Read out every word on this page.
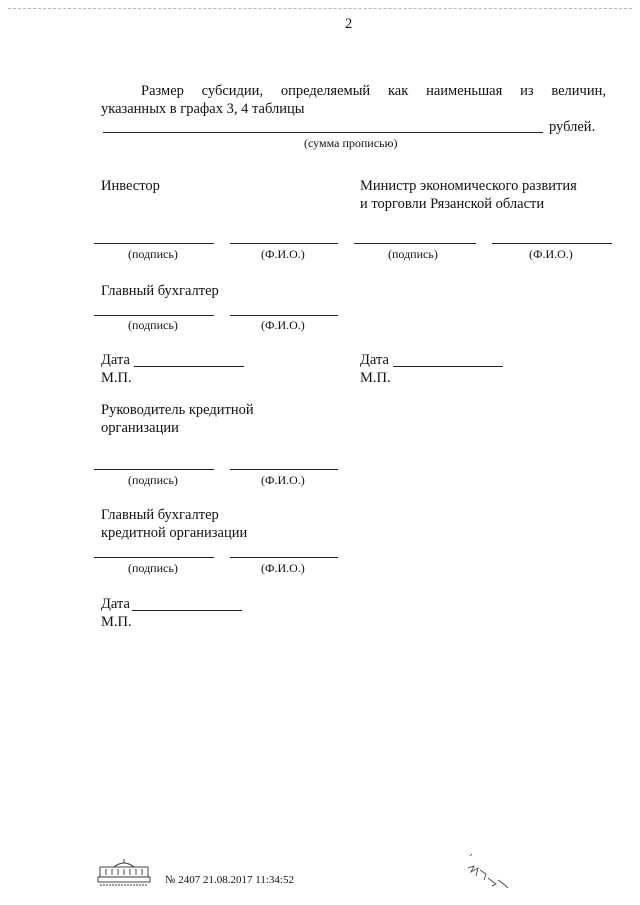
2
Размер субсидии, определяемый как наименьшая из величин,
указанных в графах 3, 4 таблицы
рублей.
(сумма прописью)
Инвестор	Министр экономического развития
и торговли Рязанской области
(подпись)	(Ф.И.О.)	(подпись)	(Ф.И.О.)
Главный бухгалтер
(подпись)	(Ф.И.О.)
Дата
М.П.
Дата
М.П.
Руководитель кредитной
организации
(подпись)	(Ф.И.О.)
Главный бухгалтер
кредитной организации
(подпись)	(Ф.И.О.)
Дата
М.П.
№ 2407 21.08.2017 11:34:52
